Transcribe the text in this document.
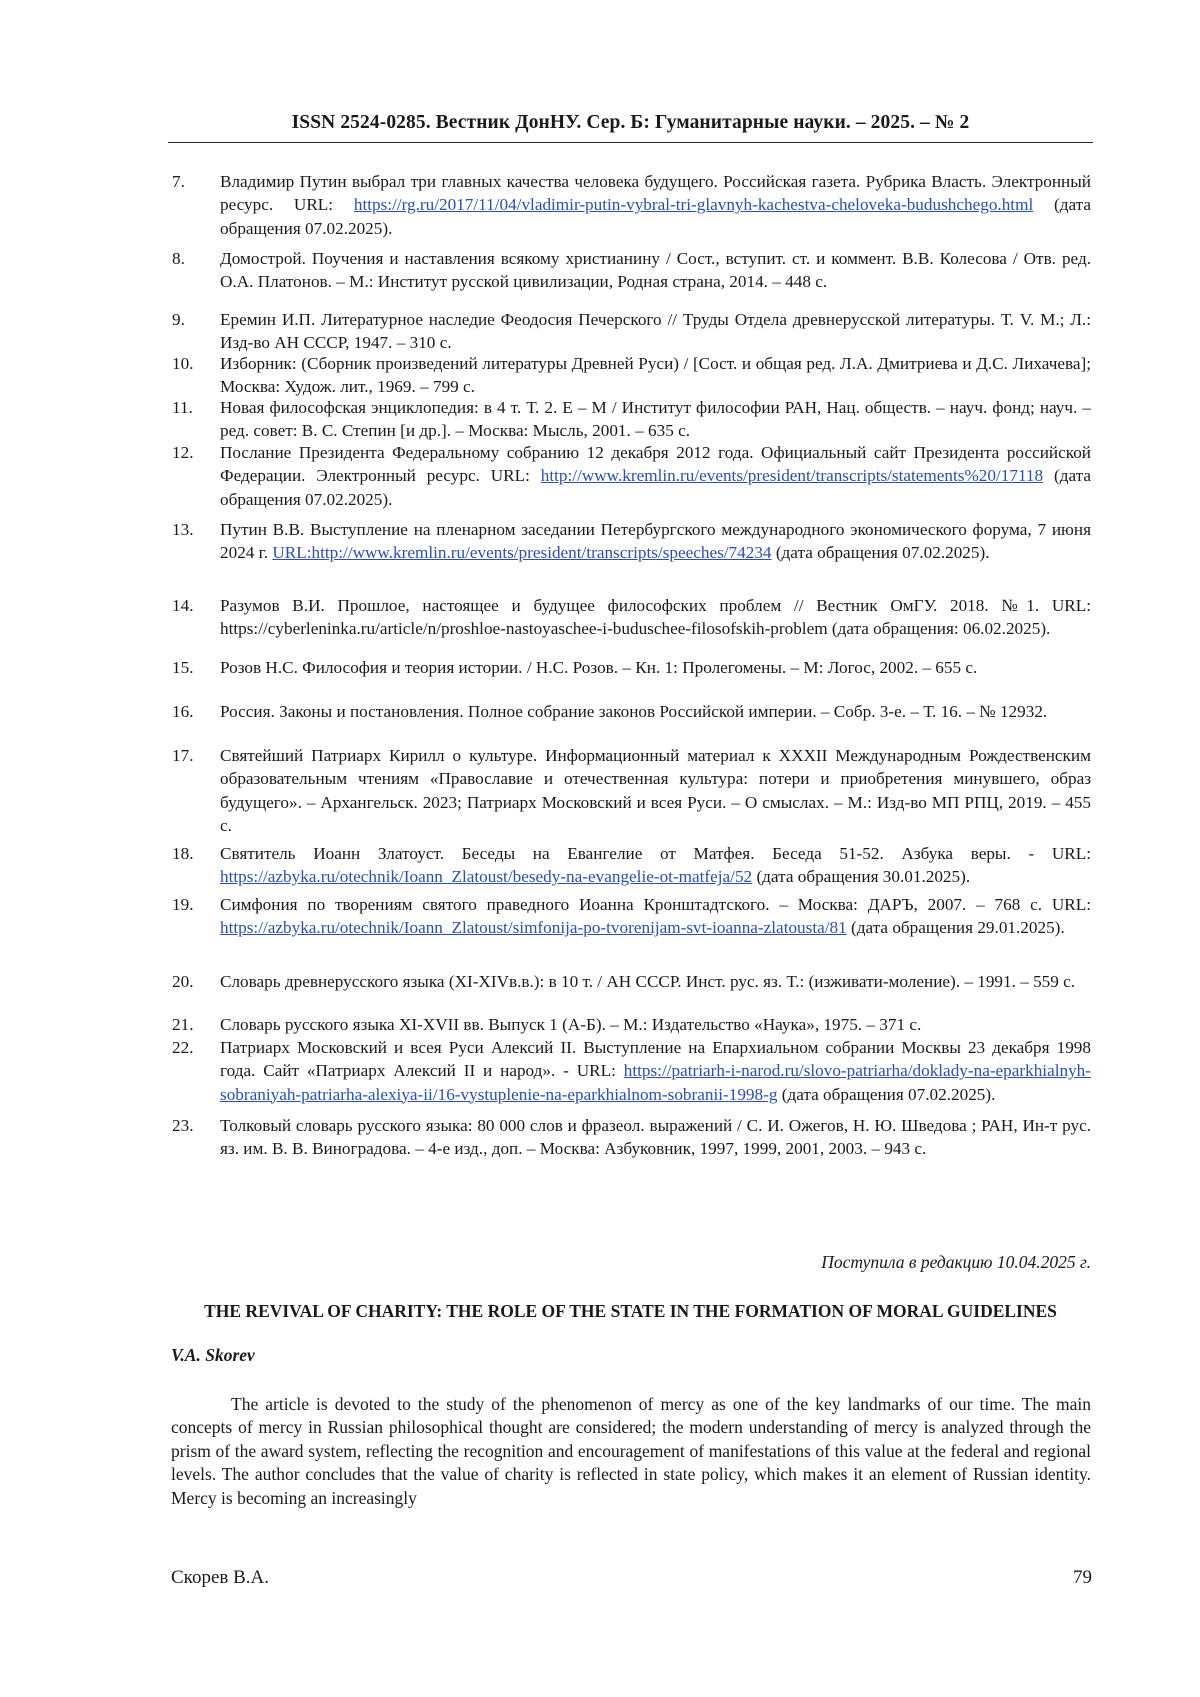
ISSN 2524-0285. Вестник ДонНУ. Сер. Б: Гуманитарные науки. – 2025. – № 2
7. Владимир Путин выбрал три главных качества человека будущего. Российская газета. Рубрика Власть. Электронный ресурс. URL: https://rg.ru/2017/11/04/vladimir-putin-vybral-tri-glavnyh-kachestva-cheloveka-budushchego.html (дата обращения 07.02.2025).
8. Домострой. Поучения и наставления всякому христианину / Сост., вступит. ст. и коммент. В.В. Колесова / Отв. ред. О.А. Платонов. – М.: Институт русской цивилизации, Родная страна, 2014. – 448 с.
9. Еремин И.П. Литературное наследие Феодосия Печерского // Труды Отдела древнерусской литературы. Т. V. М.; Л.: Изд-во АН СССР, 1947. – 310 с.
10. Изборник: (Сборник произведений литературы Древней Руси) / [Сост. и общая ред. Л.А. Дмитриева и Д.С. Лихачева]; Москва: Худож. лит., 1969. – 799 с.
11. Новая философская энциклопедия: в 4 т. Т. 2. Е – М / Институт философии РАН, Нац. обществ. – науч. фонд; науч. – ред. совет: В. С. Степин [и др.]. – Москва: Мысль, 2001. – 635 с.
12. Послание Президента Федеральному собранию 12 декабря 2012 года. Официальный сайт Президента российской Федерации. Электронный ресурс. URL: http://www.kremlin.ru/events/president/transcripts/statements%20/17118 (дата обращения 07.02.2025).
13. Путин В.В. Выступление на пленарном заседании Петербургского международного экономического форума, 7 июня 2024 г. URL:http://www.kremlin.ru/events/president/transcripts/speeches/74234 (дата обращения 07.02.2025).
14. Разумов В.И. Прошлое, настоящее и будущее философских проблем // Вестник ОмГУ. 2018. №1. URL: https://cyberleninka.ru/article/n/proshloe-nastoyaschee-i-buduschee-filosofskih-problem (дата обращения: 06.02.2025).
15. Розов Н.С. Философия и теория истории. / Н.С. Розов. – Кн. 1: Пролегомены. – М: Логос, 2002. – 655 с.
16. Россия. Законы и постановления. Полное собрание законов Российской империи. – Собр. 3-е. – Т. 16. – № 12932.
17. Святейший Патриарх Кирилл о культуре. Информационный материал к XXXII Международным Рождественским образовательным чтениям «Православие и отечественная культура: потери и приобретения минувшего, образ будущего». – Архангельск. 2023; Патриарх Московский и всея Руси. – О смыслах. – М.: Изд-во МП РПЦ, 2019. – 455 с.
18. Святитель Иоанн Златоуст. Беседы на Евангелие от Матфея. Беседа 51-52. Азбука веры. - URL: https://azbyka.ru/otechnik/Ioann_Zlatoust/besedy-na-evangelie-ot-matfeja/52 (дата обращения 30.01.2025).
19. Симфония по творениям святого праведного Иоанна Кронштадтского. – Москва: ДАРЪ, 2007. – 768 с. URL: https://azbyka.ru/otechnik/Ioann_Zlatoust/simfonija-po-tvorenijam-svt-ioanna-zlatousta/81 (дата обращения 29.01.2025).
20. Словарь древнерусского языка (XI-XIVв.в.): в 10 т. / АН СССР. Инст. рус. яз. Т.: (изживати-моление). – 1991. – 559 с.
21. Словарь русского языка XI-XVII вв. Выпуск 1 (А-Б). – М.: Издательство «Наука», 1975. – 371 с.
22. Патриарх Московский и всея Руси Алексий II. Выступление на Епархиальном собрании Москвы 23 декабря 1998 года. Сайт «Патриарх Алексий II и народ». - URL: https://patriarh-i-narod.ru/slovo-patriarha/doklady-na-eparkhialnyh-sobraniyah-patriarha-alexiya-ii/16-vystuplenie-na-eparkhialnom-sobranii-1998-g (дата обращения 07.02.2025).
23. Толковый словарь русского языка: 80 000 слов и фразеол. выражений / С. И. Ожегов, Н. Ю. Шведова ; РАН, Ин-т рус. яз. им. В. В. Виноградова. – 4-е изд., доп. – Москва: Азбуковник, 1997, 1999, 2001, 2003. – 943 с.
Поступила в редакцию 10.04.2025 г.
THE REVIVAL OF CHARITY: THE ROLE OF THE STATE IN THE FORMATION OF MORAL GUIDELINES
V.A. Skorev
The article is devoted to the study of the phenomenon of mercy as one of the key landmarks of our time. The main concepts of mercy in Russian philosophical thought are considered; the modern understanding of mercy is analyzed through the prism of the award system, reflecting the recognition and encouragement of manifestations of this value at the federal and regional levels. The author concludes that the value of charity is reflected in state policy, which makes it an element of Russian identity. Mercy is becoming an increasingly
Скорев В.А.	79
